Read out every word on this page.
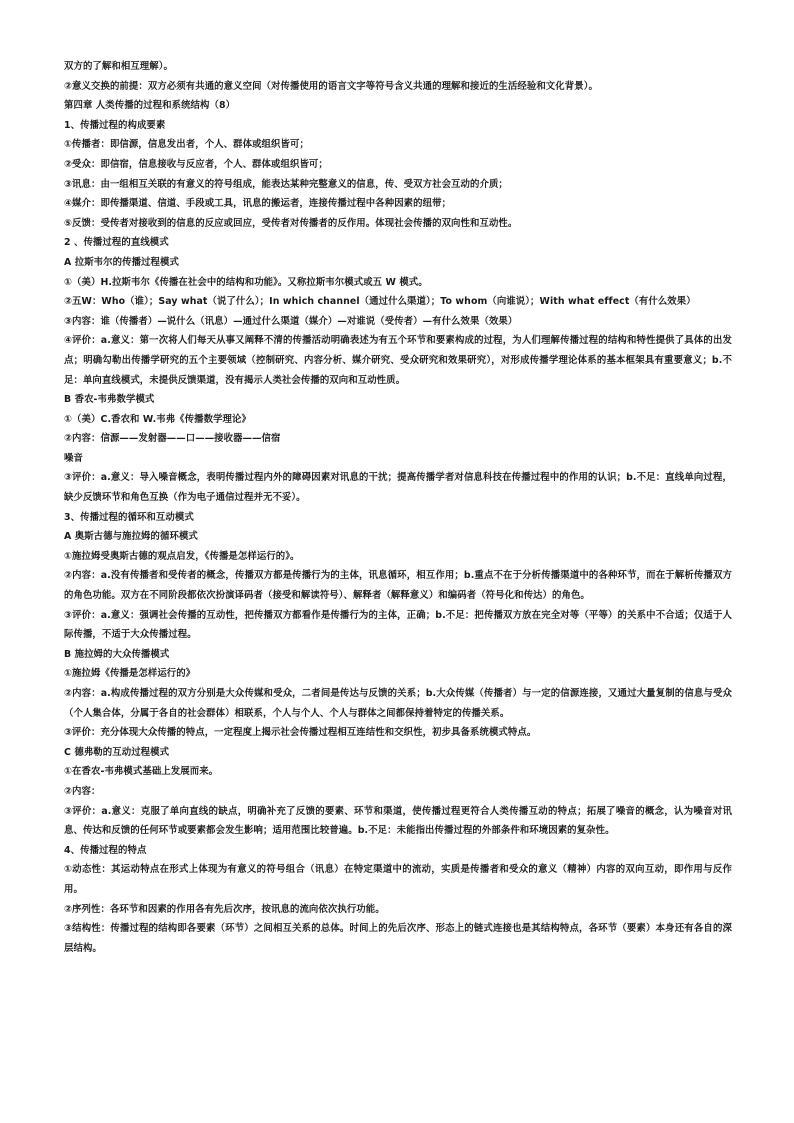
双方的了解和相互理解）。

②意义交换的前提：双方必须有共通的意义空间（对传播使用的语言文字等符号含义共通的理解和接近的生活经验和文化背景）。

第四章 人类传播的过程和系统结构（8）

1、传播过程的构成要素

①传播者：即信源，信息发出者，个人、群体或组织皆可；

②受众：即信宿，信息接收与反应者，个人、群体或组织皆可；

③讯息：由一组相互关联的有意义的符号组成，能表达某种完整意义的信息，传、受双方社会互动的介质；

④媒介：即传播渠道、信道、手段或工具，讯息的搬运者，连接传播过程中各种因素的纽带；

⑤反馈：受传者对接收到的信息的反应或回应，受传者对传播者的反作用。体现社会传播的双向性和互动性。

2 、传播过程的直线模式

A 拉斯韦尔的传播过程模式

①（美）H.拉斯韦尔《传播在社会中的结构和功能》。又称拉斯韦尔模式或五 W 模式。

②五W：Who（谁）；Say what（说了什么）；In which channel（通过什么渠道）；To whom（向谁说）；With what effect（有什么效果）

③内容：谁（传播者）—说什么（讯息）—通过什么渠道（媒介）—对谁说（受传者）—有什么效果（效果）

④评价：a.意义：第一次将人们每天从事又阐释不清的传播活动明确表述为有五个环节和要素构成的过程，为人们理解传播过程的结构和特性提供了具体的出发点；明确勾勒出传播学研究的五个主要领域（控制研究、内容分析、媒介研究、受众研究和效果研究），对形成传播学理论体系的基本框架具有重要意义；b.不足：单向直线模式，未提供反馈渠道，没有揭示人类社会传播的双向和互动性质。

B 香农-韦弗数学模式

①（美）C.香农和 W.韦弗《传播数学理论》

②内容：信源——发射器——口——接收器——信宿

噪音

③评价：a.意义：导入噪音概念，表明传播过程内外的障碍因素对讯息的干扰；提高传播学者对信息科技在传播过程中的作用的认识；b.不足：直线单向过程，缺少反馈环节和角色互换（作为电子通信过程并无不妥）。

3、传播过程的循环和互动模式

A 奥斯古德与施拉姆的循环模式

①施拉姆受奥斯古德的观点启发，《传播是怎样运行的》。

②内容：a.没有传播者和受传者的概念，传播双方都是传播行为的主体，讯息循环，相互作用；b.重点不在于分析传播渠道中的各种环节，而在于解析传播双方的角色功能。双方在不同阶段都依次扮演译码者（接受和解读符号）、解释者（解释意义）和编码者（符号化和传达）的角色。

③评价：a.意义：强调社会传播的互动性，把传播双方都看作是传播行为的主体，正确；b.不足：把传播双方放在完全对等（平等）的关系中不合适；仅适于人际传播，不适于大众传播过程。

B 施拉姆的大众传播模式

①施拉姆《传播是怎样运行的》

②内容：a.构成传播过程的双方分别是大众传媒和受众，二者间是传达与反馈的关系；b.大众传媒（传播者）与一定的信源连接，又通过大量复制的信息与受众（个人集合体，分属于各自的社会群体）相联系，个人与个人、个人与群体之间都保持着特定的传播关系。

③评价：充分体现大众传播的特点，一定程度上揭示社会传播过程相互连结性和交织性，初步具备系统模式特点。

C 德弗勒的互动过程模式

①在香农-韦弗模式基础上发展而来。

②内容：

③评价：a.意义：克服了单向直线的缺点，明确补充了反馈的要素、环节和渠道，使传播过程更符合人类传播互动的特点；拓展了噪音的概念，认为噪音对讯息、传达和反馈的任何环节或要素都会发生影响；适用范围比较普遍。b.不足：未能指出传播过程的外部条件和环境因素的复杂性。

4、传播过程的特点

①动态性：其运动特点在形式上体现为有意义的符号组合（讯息）在特定渠道中的流动，实质是传播者和受众的意义（精神）内容的双向互动，即作用与反作用。

②序列性：各环节和因素的作用各有先后次序，按讯息的流向依次执行功能。

③结构性：传播过程的结构即各要素（环节）之间相互关系的总体。时间上的先后次序、形态上的链式连接也是其结构特点，各环节（要素）本身还有各自的深层结构。
